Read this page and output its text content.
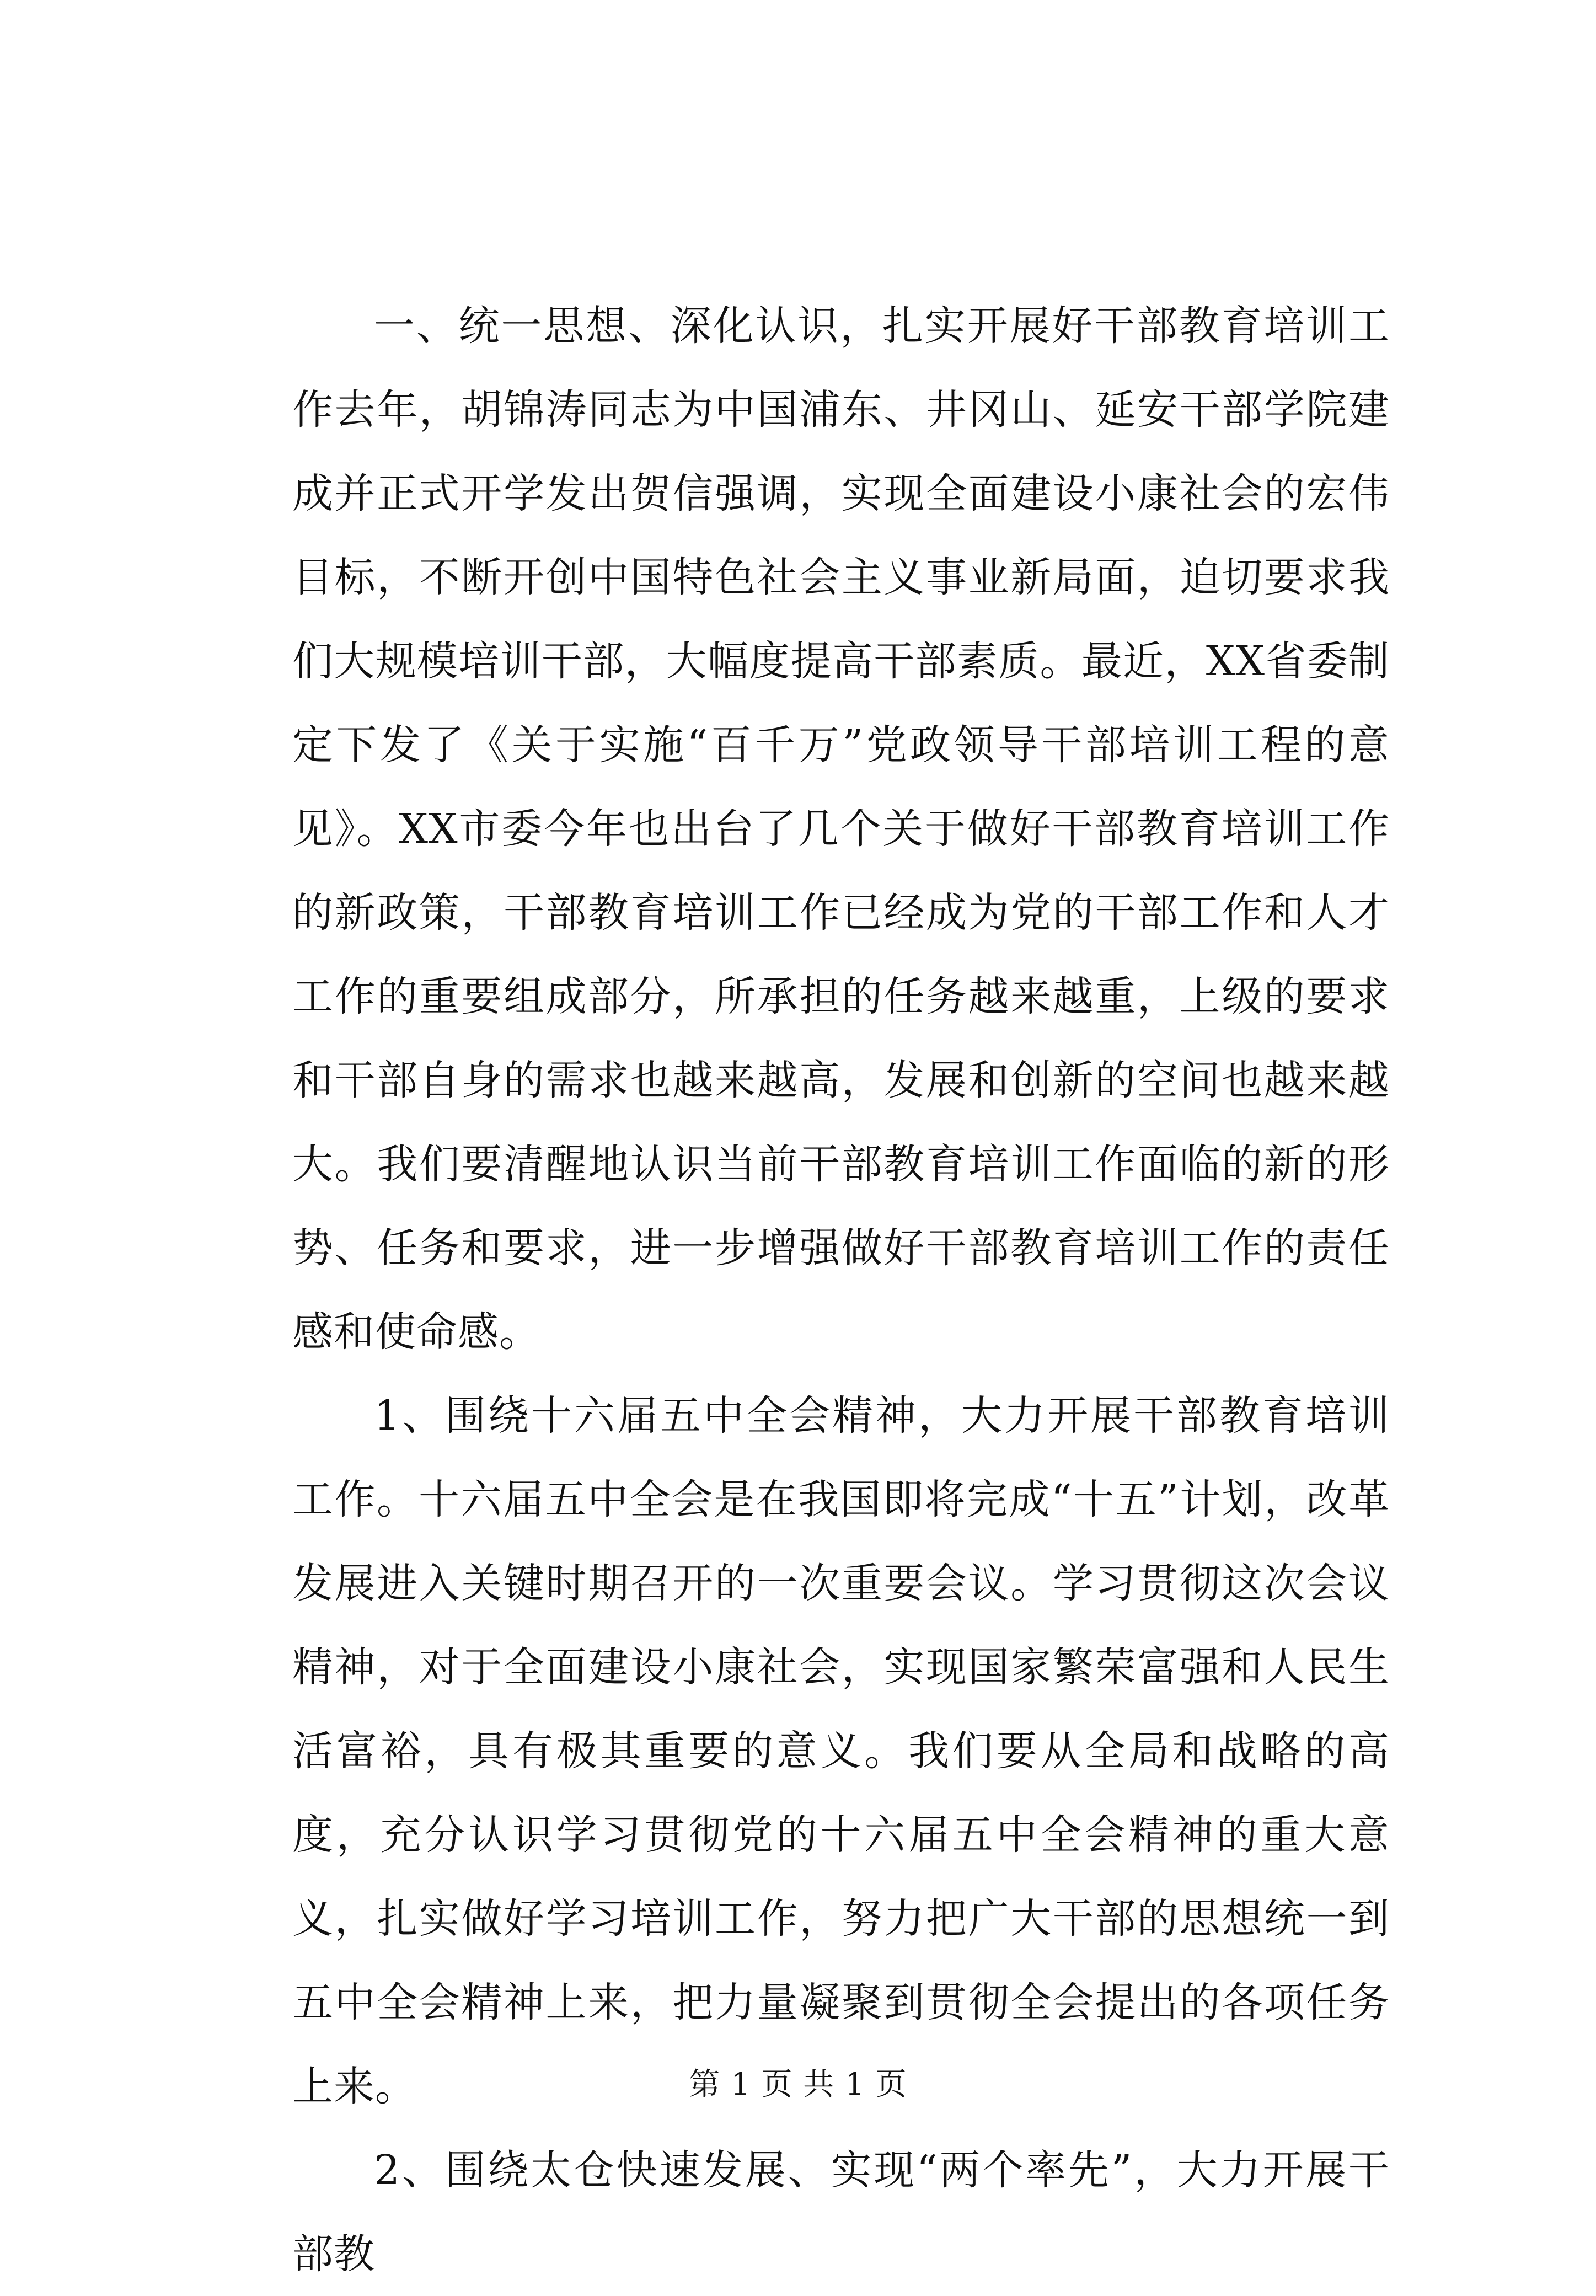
一、统一思想、深化认识，扎实开展好干部教育培训工作去年，胡锦涛同志为中国浦东、井冈山、延安干部学院建成并正式开学发出贺信强调，实现全面建设小康社会的宏伟目标，不断开创中国特色社会主义事业新局面，迫切要求我们大规模培训干部，大幅度提高干部素质。最近，XX省委制定下发了《关于实施“百千万”党政领导干部培训工程的意见》。XX市委今年也出台了几个关于做好干部教育培训工作的新政策，干部教育培训工作已经成为党的干部工作和人才工作的重要组成部分，所承担的任务越来越重，上级的要求和干部自身的需求也越来越高，发展和创新的空间也越来越大。我们要清醒地认识当前干部教育培训工作面临的新的形势、任务和要求，进一步增强做好干部教育培训工作的责任感和使命感。

1、围绕十六届五中全会精神，大力开展干部教育培训工作。十六届五中全会是在我国即将完成“十五”计划，改革发展进入关键时期召开的一次重要会议。学习贯彻这次会议精神，对于全面建设小康社会，实现国家繁荣富强和人民生活富裕，具有极其重要的意义。我们要从全局和战略的高度，充分认识学习贯彻党的十六届五中全会精神的重大意义，扎实做好学习培训工作，努力把广大干部的思想统一到五中全会精神上来，把力量凝聚到贯彻全会提出的各项任务上来。

2、围绕太仓快速发展、实现“两个率先”，大力开展干部教

第 1 页 共 1 页
